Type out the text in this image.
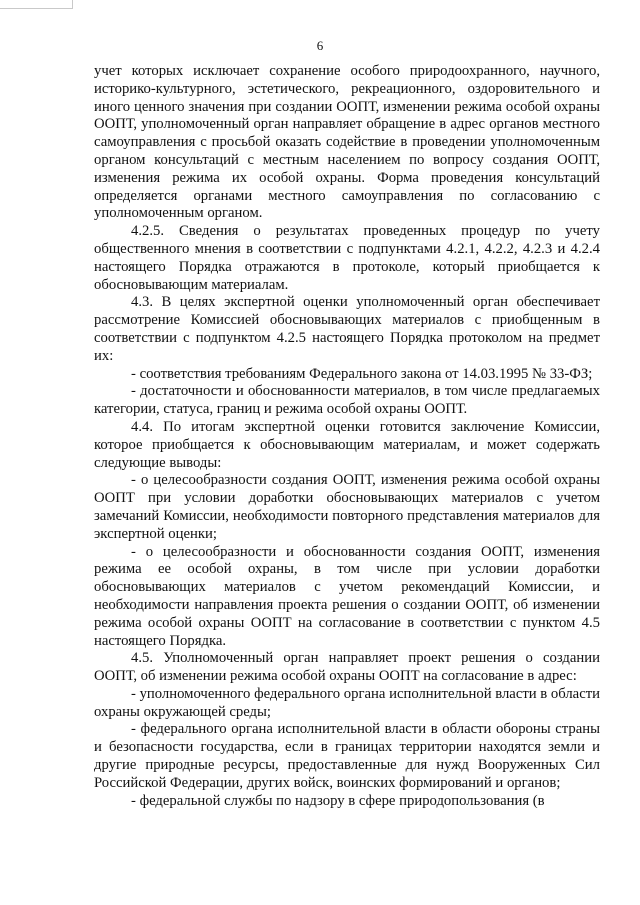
6

учет которых исключает сохранение особого природоохранного, научного, историко-культурного, эстетического, рекреационного, оздоровительного и иного ценного значения при создании ООПТ, изменении режима особой охраны ООПТ, уполномоченный орган направляет обращение в адрес органов местного самоуправления с просьбой оказать содействие в проведении уполномоченным органом консультаций с местным населением по вопросу создания ООПТ, изменения режима их особой охраны. Форма проведения консультаций определяется органами местного самоуправления по согласованию с уполномоченным органом.

4.2.5. Сведения о результатах проведенных процедур по учету общественного мнения в соответствии с подпунктами 4.2.1, 4.2.2, 4.2.3 и 4.2.4 настоящего Порядка отражаются в протоколе, который приобщается к обосновывающим материалам.

4.3. В целях экспертной оценки уполномоченный орган обеспечивает рассмотрение Комиссией обосновывающих материалов с приобщенным в соответствии с подпунктом 4.2.5 настоящего Порядка протоколом на предмет их:

- соответствия требованиям Федерального закона от 14.03.1995 № 33-ФЗ;

- достаточности и обоснованности материалов, в том числе предлагаемых категории, статуса, границ и режима особой охраны ООПТ.

4.4. По итогам экспертной оценки готовится заключение Комиссии, которое приобщается к обосновывающим материалам, и может содержать следующие выводы:

- о целесообразности создания ООПТ, изменения режима особой охраны ООПТ при условии доработки обосновывающих материалов с учетом замечаний Комиссии, необходимости повторного представления материалов для экспертной оценки;

- о целесообразности и обоснованности создания ООПТ, изменения режима ее особой охраны, в том числе при условии доработки обосновывающих материалов с учетом рекомендаций Комиссии, и необходимости направления проекта решения о создании ООПТ, об изменении режима особой охраны ООПТ на согласование в соответствии с пунктом 4.5 настоящего Порядка.

4.5. Уполномоченный орган направляет проект решения о создании ООПТ, об изменении режима особой охраны ООПТ на согласование в адрес:

- уполномоченного федерального органа исполнительной власти в области охраны окружающей среды;

- федерального органа исполнительной власти в области обороны страны и безопасности государства, если в границах территории находятся земли и другие природные ресурсы, предоставленные для нужд Вооруженных Сил Российской Федерации, других войск, воинских формирований и органов;

- федеральной службы по надзору в сфере природопользования (в
